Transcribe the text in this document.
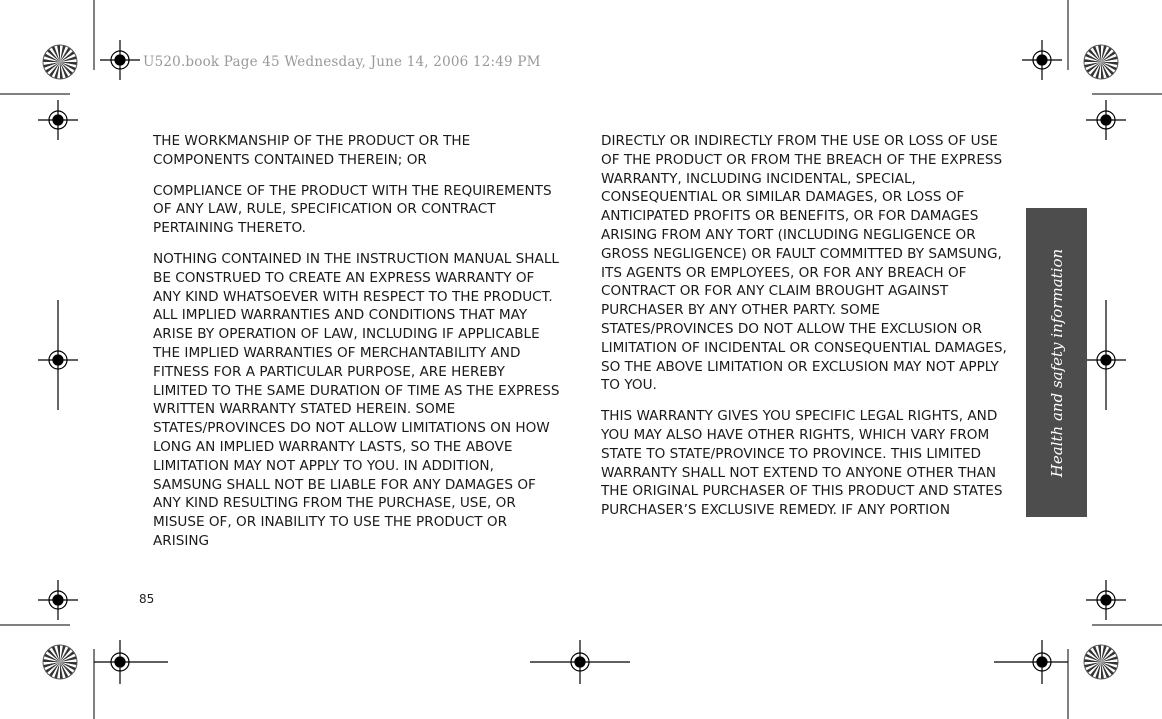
U520.book Page 45 Wednesday, June 14, 2006 12:49 PM

THE WORKMANSHIP OF THE PRODUCT OR THE COMPONENTS CONTAINED THEREIN; OR

COMPLIANCE OF THE PRODUCT WITH THE REQUIREMENTS OF ANY LAW, RULE, SPECIFICATION OR CONTRACT PERTAINING THERETO.

NOTHING CONTAINED IN THE INSTRUCTION MANUAL SHALL BE CONSTRUED TO CREATE AN EXPRESS WARRANTY OF ANY KIND WHATSOEVER WITH RESPECT TO THE PRODUCT. ALL IMPLIED WARRANTIES AND CONDITIONS THAT MAY ARISE BY OPERATION OF LAW, INCLUDING IF APPLICABLE THE IMPLIED WARRANTIES OF MERCHANTABILITY AND FITNESS FOR A PARTICULAR PURPOSE, ARE HEREBY LIMITED TO THE SAME DURATION OF TIME AS THE EXPRESS WRITTEN WARRANTY STATED HEREIN. SOME STATES/PROVINCES DO NOT ALLOW LIMITATIONS ON HOW LONG AN IMPLIED WARRANTY LASTS, SO THE ABOVE LIMITATION MAY NOT APPLY TO YOU. IN ADDITION, SAMSUNG SHALL NOT BE LIABLE FOR ANY DAMAGES OF ANY KIND RESULTING FROM THE PURCHASE, USE, OR MISUSE OF, OR INABILITY TO USE THE PRODUCT OR ARISING

DIRECTLY OR INDIRECTLY FROM THE USE OR LOSS OF USE OF THE PRODUCT OR FROM THE BREACH OF THE EXPRESS WARRANTY, INCLUDING INCIDENTAL, SPECIAL, CONSEQUENTIAL OR SIMILAR DAMAGES, OR LOSS OF ANTICIPATED PROFITS OR BENEFITS, OR FOR DAMAGES ARISING FROM ANY TORT (INCLUDING NEGLIGENCE OR GROSS NEGLIGENCE) OR FAULT COMMITTED BY SAMSUNG, ITS AGENTS OR EMPLOYEES, OR FOR ANY BREACH OF CONTRACT OR FOR ANY CLAIM BROUGHT AGAINST PURCHASER BY ANY OTHER PARTY. SOME STATES/PROVINCES DO NOT ALLOW THE EXCLUSION OR LIMITATION OF INCIDENTAL OR CONSEQUENTIAL DAMAGES, SO THE ABOVE LIMITATION OR EXCLUSION MAY NOT APPLY TO YOU.

THIS WARRANTY GIVES YOU SPECIFIC LEGAL RIGHTS, AND YOU MAY ALSO HAVE OTHER RIGHTS, WHICH VARY FROM STATE TO STATE/PROVINCE TO PROVINCE. THIS LIMITED WARRANTY SHALL NOT EXTEND TO ANYONE OTHER THAN THE ORIGINAL PURCHASER OF THIS PRODUCT AND STATES PURCHASER’S EXCLUSIVE REMEDY. IF ANY PORTION

Health and safety information
85
